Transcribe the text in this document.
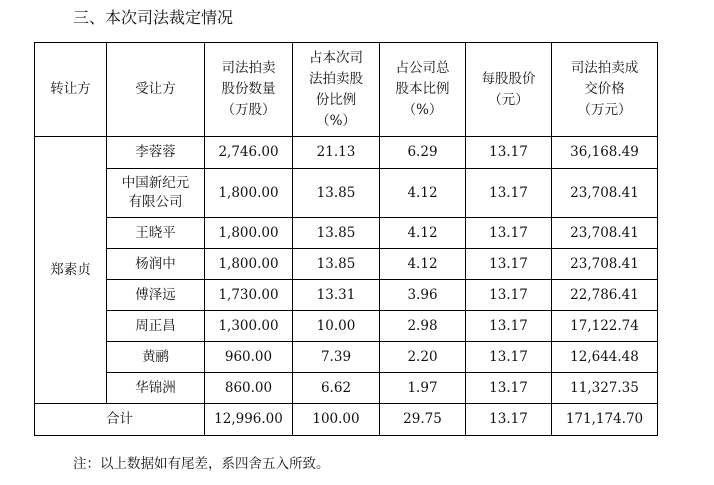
三、本次司法裁定情况
转让方	受让方	司法拍卖
股份数量
（万股）	占本次司
法拍卖股
份比例
（%）	占公司总
股本比例
（%）	每股股价
（元）	司法拍卖成
交价格
（万元）
郑素贞	李蓉蓉	2,746.00	21.13	6.29	13.17	36,168.49
	中国新纪元
有限公司	1,800.00	13.85	4.12	13.17	23,708.41
	王晓平	1,800.00	13.85	4.12	13.17	23,708.41
	杨润中	1,800.00	13.85	4.12	13.17	23,708.41
	傅泽远	1,730.00	13.31	3.96	13.17	22,786.41
	周正昌	1,300.00	10.00	2.98	13.17	17,122.74
	黄鹂	960.00	7.39	2.20	13.17	12,644.48
	华锦洲	860.00	6.62	1.97	13.17	11,327.35
合计		12,996.00	100.00	29.75	13.17	171,174.70
注：以上数据如有尾差，系四舍五入所致。
